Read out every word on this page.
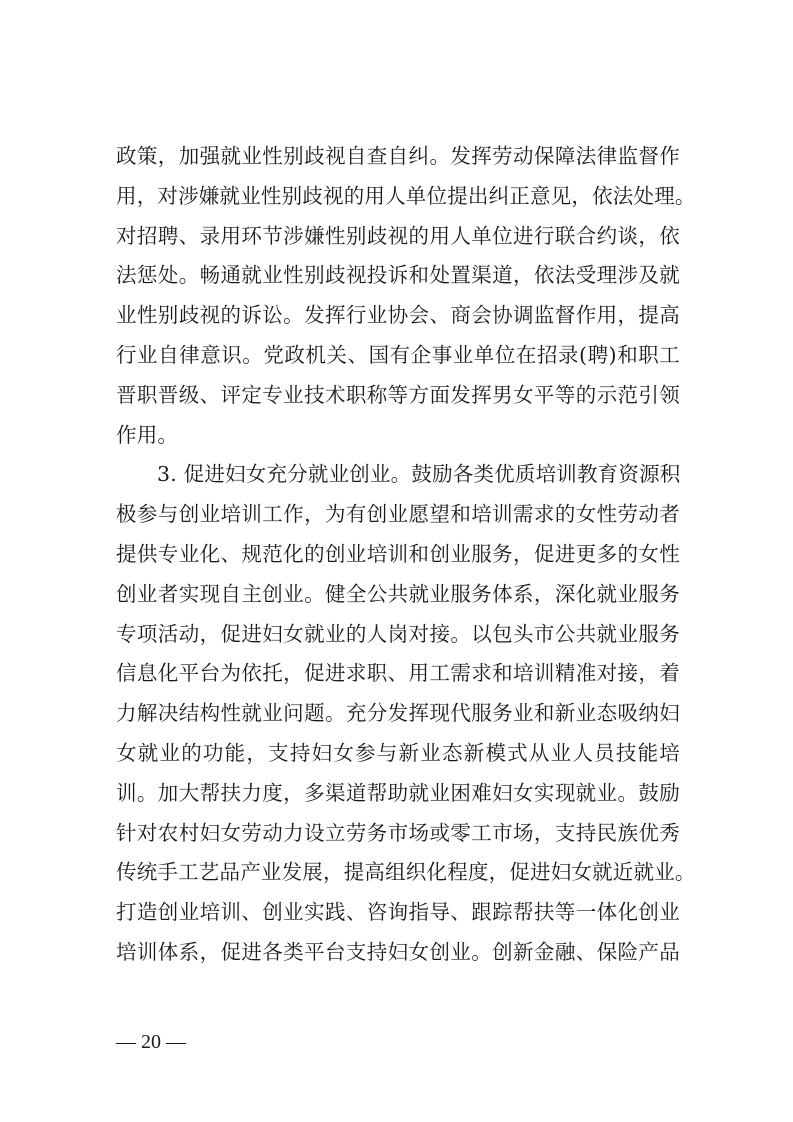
政策，加强就业性别歧视自查自纠。发挥劳动保障法律监督作
用，对涉嫌就业性别歧视的用人单位提出纠正意见，依法处理。
对招聘、录用环节涉嫌性别歧视的用人单位进行联合约谈，依
法惩处。畅通就业性别歧视投诉和处置渠道，依法受理涉及就
业性别歧视的诉讼。发挥行业协会、商会协调监督作用，提高
行业自律意识。党政机关、国有企事业单位在招录(聘)和职工
晋职晋级、评定专业技术职称等方面发挥男女平等的示范引领
作用。
3. 促进妇女充分就业创业。鼓励各类优质培训教育资源积
极参与创业培训工作，为有创业愿望和培训需求的女性劳动者
提供专业化、规范化的创业培训和创业服务，促进更多的女性
创业者实现自主创业。健全公共就业服务体系，深化就业服务
专项活动，促进妇女就业的人岗对接。以包头市公共就业服务
信息化平台为依托，促进求职、用工需求和培训精准对接，着
力解决结构性就业问题。充分发挥现代服务业和新业态吸纳妇
女就业的功能，支持妇女参与新业态新模式从业人员技能培
训。加大帮扶力度，多渠道帮助就业困难妇女实现就业。鼓励
针对农村妇女劳动力设立劳务市场或零工市场，支持民族优秀
传统手工艺品产业发展，提高组织化程度，促进妇女就近就业。
打造创业培训、创业实践、咨询指导、跟踪帮扶等一体化创业
培训体系，促进各类平台支持妇女创业。创新金融、保险产品
— 20 —
